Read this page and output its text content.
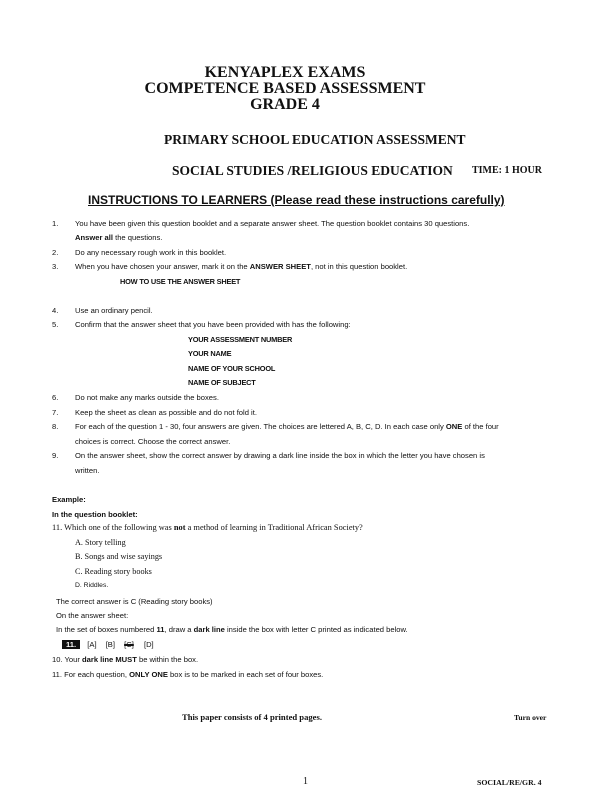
KENYAPLEX EXAMS
COMPETENCE BASED ASSESSMENT
GRADE 4
PRIMARY SCHOOL EDUCATION ASSESSMENT
SOCIAL STUDIES /RELIGIOUS EDUCATION TIME: 1 HOUR
INSTRUCTIONS TO LEARNERS (Please read these instructions carefully)
1. You have been given this question booklet and a separate answer sheet. The question booklet contains 30 questions.
Answer all the questions.
2. Do any necessary rough work in this booklet.
3. When you have chosen your answer, mark it on the ANSWER SHEET, not in this question booklet.
HOW TO USE THE ANSWER SHEET
4. Use an ordinary pencil.
5. Confirm that the answer sheet that you have been provided with has the following:
YOUR ASSESSMENT NUMBER
YOUR NAME
NAME OF YOUR SCHOOL
NAME OF SUBJECT
6. Do not make any marks outside the boxes.
7. Keep the sheet as clean as possible and do not fold it.
8. For each of the question 1 - 30, four answers are given. The choices are lettered A, B, C, D. In each case only ONE of the four
choices is correct. Choose the correct answer.
9. On the answer sheet, show the correct answer by drawing a dark line inside the box in which the letter you have chosen is
written.
Example:
In the question booklet:
11. Which one of the following was not a method of learning in Traditional African Society?
A. Story telling
B. Songs and wise sayings
C. Reading story books
D. Riddles.
The correct answer is C (Reading story books)
On the answer sheet:
In the set of boxes numbered 11, draw a dark line inside the box with letter C printed as indicated below.
11. [A] [B] [C] [D]
10. Your dark line MUST be within the box.
11. For each question, ONLY ONE box is to be marked in each set of four boxes.
This paper consists of 4 printed pages.	Turn over
1	SOCIAL/RE/GR. 4
